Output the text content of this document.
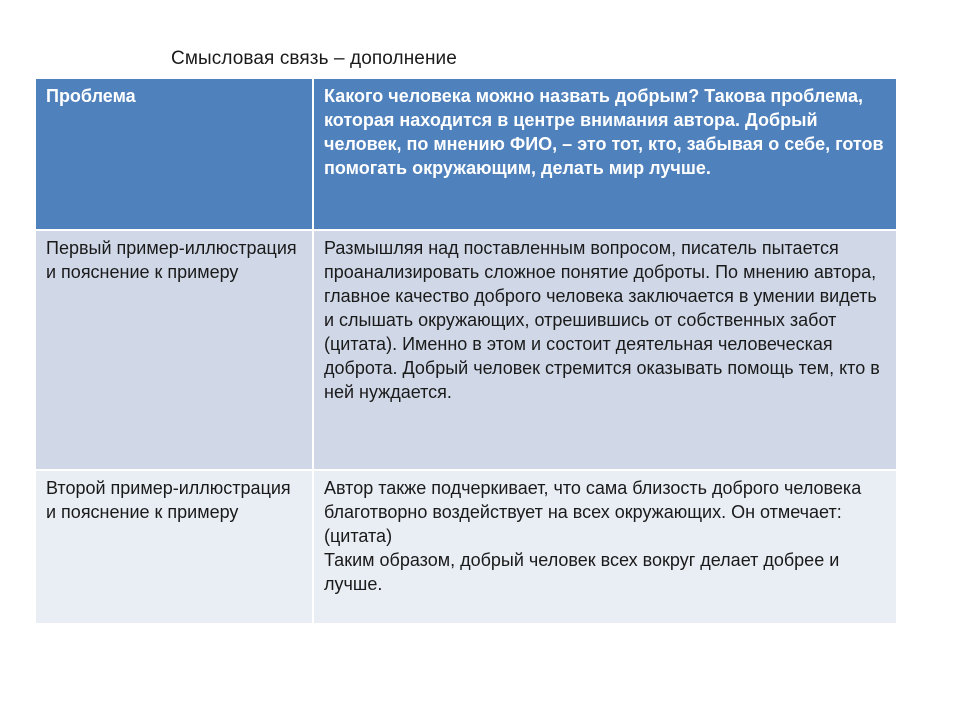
Смысловая связь – дополнение
Проблема	Какого человека можно назвать добрым? Такова проблема, которая находится в центре внимания автора. Добрый человек, по мнению ФИО, – это тот, кто, забывая о себе, готов помогать окружающим, делать мир лучше.
Первый пример-иллюстрация и пояснение к примеру	Размышляя над поставленным вопросом, писатель пытается проанализировать сложное понятие доброты. По мнению автора, главное качество доброго человека заключается в умении видеть и слышать окружающих, отрешившись от собственных забот (цитата). Именно в этом и состоит деятельная человеческая доброта. Добрый человек стремится оказывать помощь тем, кто в ней нуждается.
Второй пример-иллюстрация и пояснение к примеру	Автор также подчеркивает, что сама близость доброго человека благотворно воздействует на всех окружающих. Он отмечает: (цитата)
Таким образом, добрый человек всех вокруг делает добрее и лучше.
